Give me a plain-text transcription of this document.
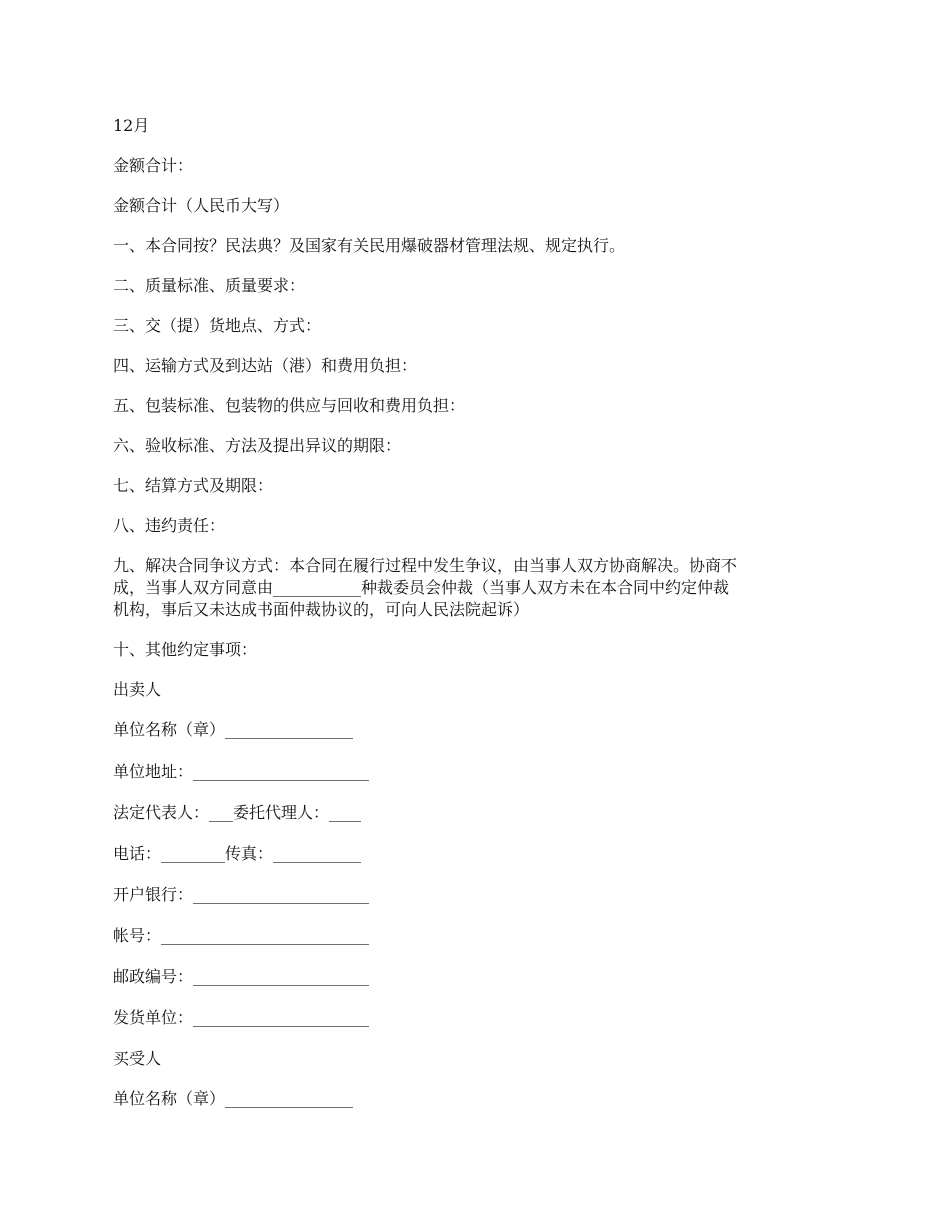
12月
金额合计：
金额合计（人民币大写）
一、本合同按？民法典？及国家有关民用爆破器材管理法规、规定执行。
二、质量标准、质量要求：
三、交（提）货地点、方式：
四、运输方式及到达站（港）和费用负担：
五、包装标准、包装物的供应与回收和费用负担：
六、验收标准、方法及提出异议的期限：
七、结算方式及期限：
八、违约责任：
九、解决合同争议方式：本合同在履行过程中发生争议，由当事人双方协商解决。协商不
成，当事人双方同意由___________种裁委员会仲裁（当事人双方未在本合同中约定仲裁
机构，事后又未达成书面仲裁协议的，可向人民法院起诉）
十、其他约定事项：
出卖人
单位名称（章）________________
单位地址：______________________
法定代表人：___委托代理人：____
电话：________传真：___________
开户银行：______________________
帐号：__________________________
邮政编号：______________________
发货单位：______________________
买受人
单位名称（章）________________
